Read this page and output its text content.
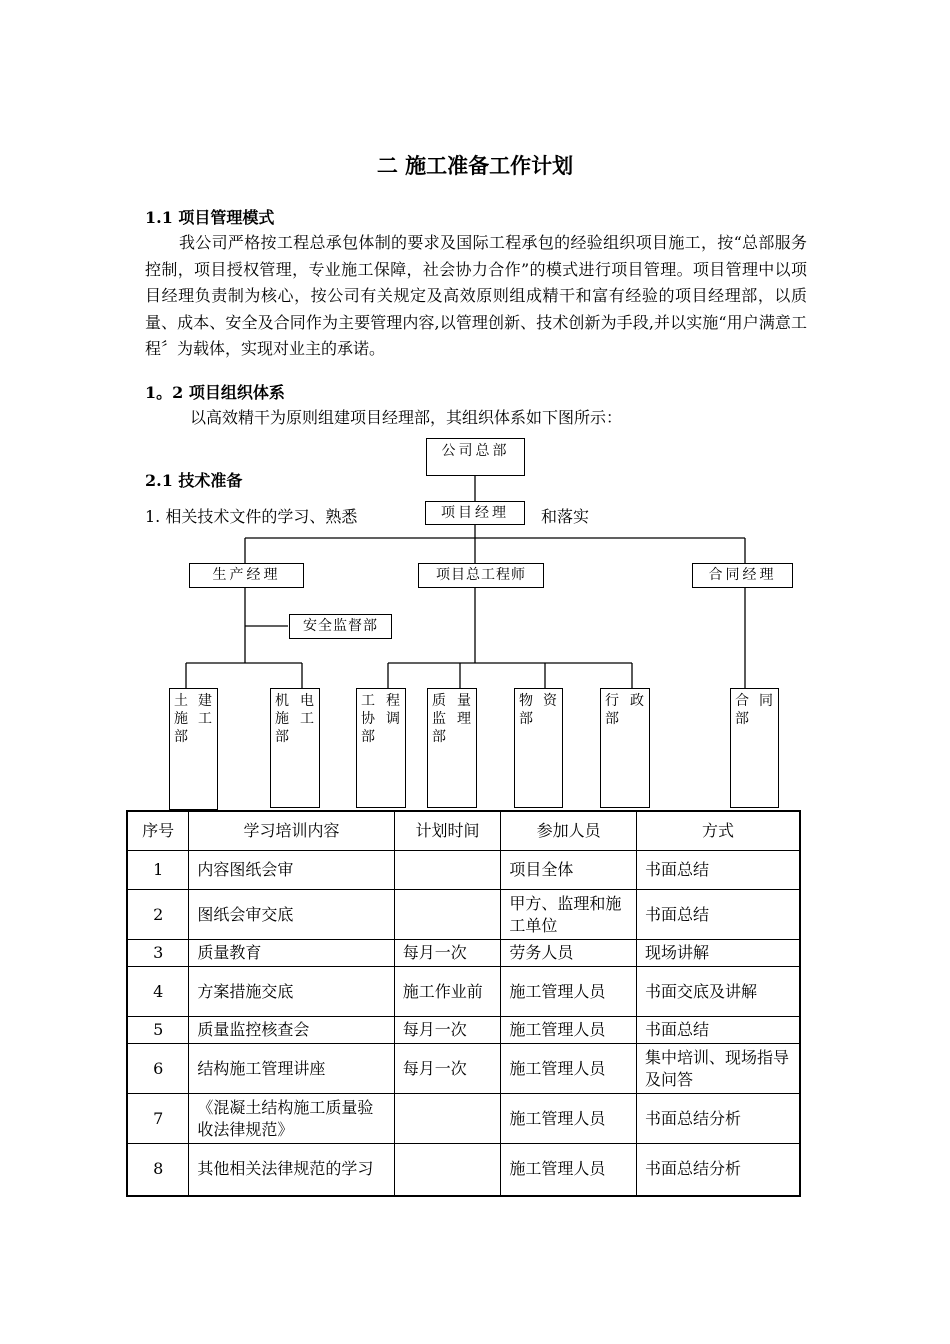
二 施工准备工作计划
1.1 项目管理模式
我公司严格按工程总承包体制的要求及国际工程承包的经验组织项目施工，按“总部服务控制，项目授权管理，专业施工保障，社会协力合作”的模式进行项目管理。项目管理中以项目经理负责制为核心，按公司有关规定及高效原则组成精干和富有经验的项目经理部，以质量、成本、安全及合同作为主要管理内容,以管理创新、技术创新为手段,并以实施“用户满意工程〞为载体，实现对业主的承诺。
1。2 项目组织体系
以高效精干为原则组建项目经理部，其组织体系如下图所示：
公司总部
2.1 技术准备
1. 相关技术文件的学习、熟悉	项目经理	和落实
生产经理	项目总工程师	合同经理
安全监督部
土 建

施 工

部

机 电

施 工

部

工 程

协 调

部

质 量

监 理

部

物 资

部

行 政

部

合 同

部

序号	学习培训内容	计划时间	参加人员	方式
1	内容图纸会审		项目全体	书面总结
2	图纸会审交底		甲方、监理和施工单位	书面总结
3	质量教育	每月一次	劳务人员	现场讲解
4	方案措施交底	施工作业前	施工管理人员	书面交底及讲解
5	质量监控核查会	每月一次	施工管理人员	书面总结
6	结构施工管理讲座	每月一次	施工管理人员	集中培训、现场指导及问答
7	《混凝土结构施工质量验收法律规范》		施工管理人员	书面总结分析
8	其他相关法律规范的学习		施工管理人员	书面总结分析
